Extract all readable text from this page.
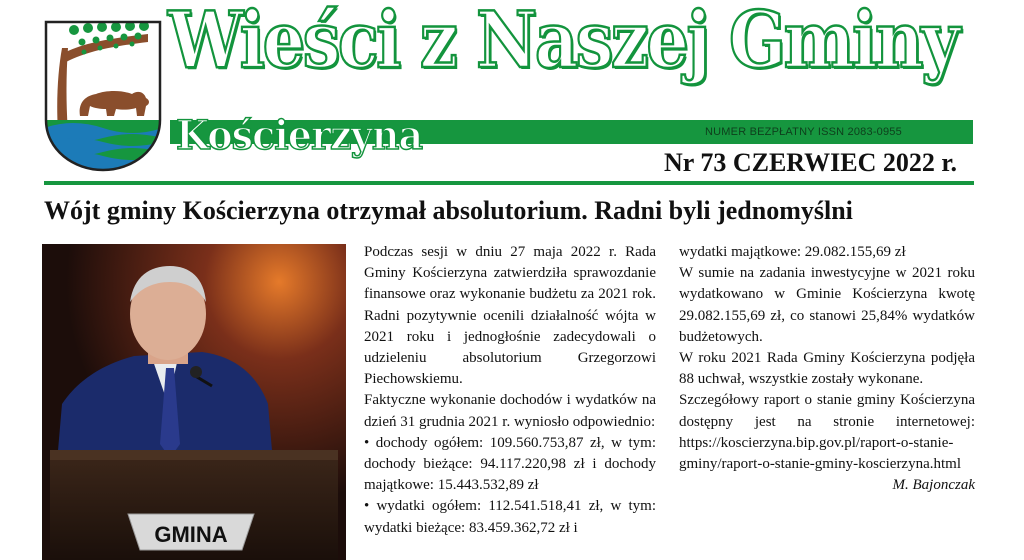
Wieści z Naszej Gminy
Kościerzyna	NUMER BEZPŁATNY ISSN 2083-0955
Nr 73 CZERWIEC 2022 r.
Wójt gminy Kościerzyna otrzymał absolutorium. Radni byli jednomyślni
GMINA

Podczas sesji w dniu 27 maja 2022 r. Rada Gminy Kościerzyna zatwierdziła sprawozdanie finansowe oraz wykonanie budżetu za 2021 rok. Radni pozytywnie ocenili działalność wójta w 2021 roku i jednogłośnie zadecydowali o udzieleniu absolutorium Grzegorzowi Piechowskiemu.

Faktyczne wykonanie dochodów i wydatków na dzień 31 grudnia 2021 r. wyniosło odpowiednio:

• dochody ogółem: 109.560.753,87 zł, w tym: dochody bieżące: 94.117.220,98 zł i dochody majątkowe: 15.443.532,89 zł

• wydatki ogółem: 112.541.518,41 zł, w tym: wydatki bieżące: 83.459.362,72 zł i

wydatki majątkowe: 29.082.155,69 zł

W sumie na zadania inwestycyjne w 2021 roku wydatkowano w Gminie Kościerzyna kwotę 29.082.155,69 zł, co stanowi 25,84% wydatków budżetowych.

W roku 2021 Rada Gminy Kościerzyna podjęła 88 uchwał, wszystkie zostały wykonane.

Szczegółowy raport o stanie gminy Kościerzyna dostępny jest na stronie internetowej: https://koscierzyna.bip.gov.pl/raport-o-stanie-gminy/raport-o-stanie-gminy-koscierzyna.html

M. Bajonczak
